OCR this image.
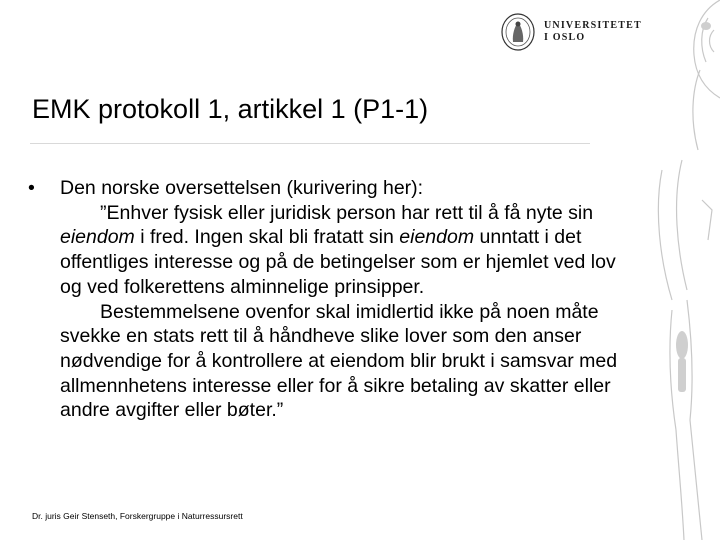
UNIVERSITETET
I OSLO
EMK protokoll 1, artikkel 1 (P1-1)
• Den norske oversettelsen (kurivering her):

”Enhver fysisk eller juridisk person har rett til å få nyte sin eiendom i fred. Ingen skal bli fratatt sin eiendom unntatt i det offentliges interesse og på de betingelser som er hjemlet ved lov og ved folkerettens alminnelige prinsipper.

Bestemmelsene ovenfor skal imidlertid ikke på noen måte svekke en stats rett til å håndheve slike lover som den anser nødvendige for å kontrollere at eiendom blir brukt i samsvar med allmennhetens interesse eller for å sikre betaling av skatter eller andre avgifter eller bøter.”

Dr. juris Geir Stenseth, Forskergruppe i Naturressursrett
